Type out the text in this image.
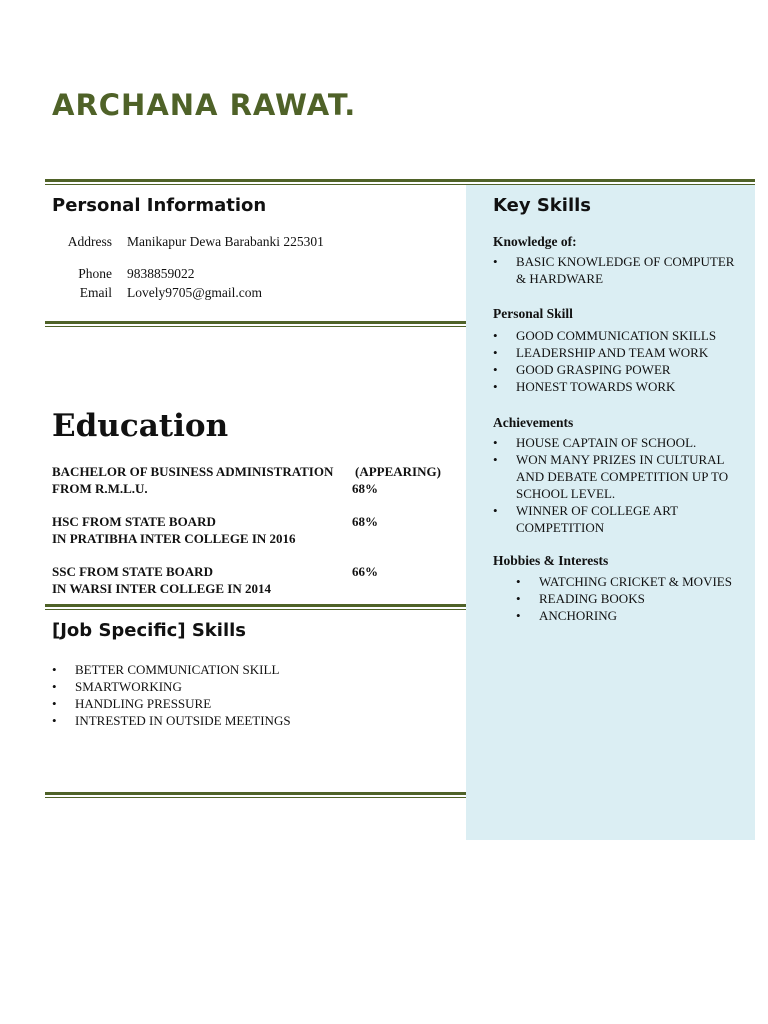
ARCHANA RAWAT.
Personal Information
Address Manikapur Dewa Barabanki 225301
Phone 9838859022
Email Lovely9705@gmail.com
Education
BACHELOR OF BUSINESS ADMINISTRATION (APPEARING)
FROM R.M.L.U.	68%
HSC FROM STATE BOARD	68%
IN PRATIBHA INTER COLLEGE IN 2016
SSC FROM STATE BOARD	66%
IN WARSI INTER COLLEGE IN 2014
[Job Specific] Skills
• BETTER COMMUNICATION SKILL
• SMARTWORKING
• HANDLING PRESSURE
• INTRESTED IN OUTSIDE MEETINGS
Key Skills
Knowledge of:
• BASIC KNOWLEDGE OF COMPUTER & HARDWARE
Personal Skill
• GOOD COMMUNICATION SKILLS
• LEADERSHIP AND TEAM WORK
• GOOD GRASPING POWER
• HONEST TOWARDS WORK
Achievements
• HOUSE CAPTAIN OF SCHOOL.
• WON MANY PRIZES IN CULTURAL AND DEBATE COMPETITION UP TO SCHOOL LEVEL.
• WINNER OF COLLEGE ART COMPETITION
Hobbies & Interests
• WATCHING CRICKET & MOVIES
• READING BOOKS
• ANCHORING
